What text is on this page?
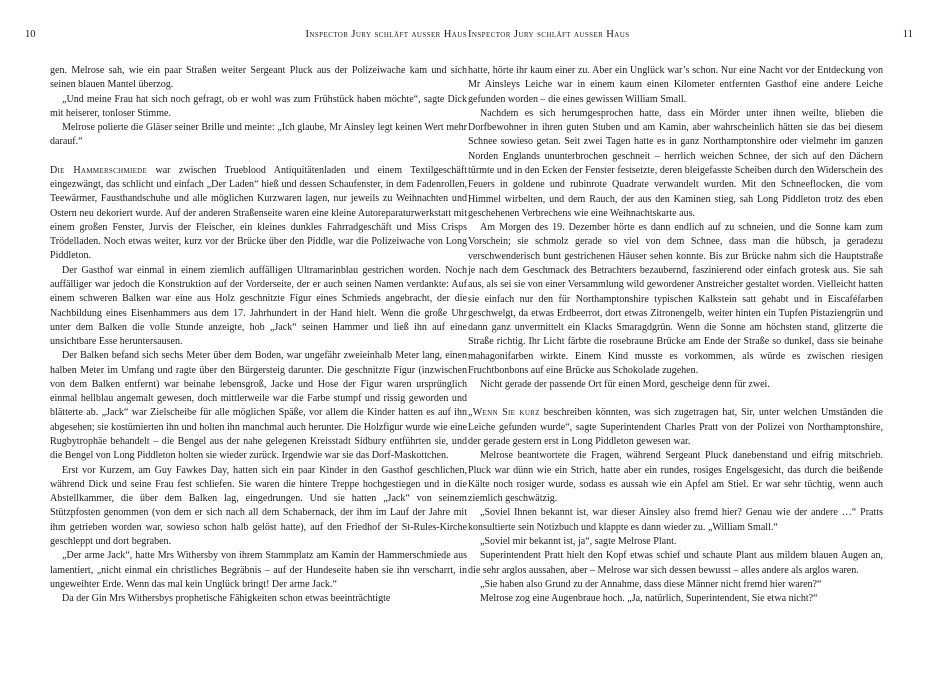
10	Inspector Jury schläft ausser Haus

gen. Melrose sah, wie ein paar Straßen weiter Sergeant Pluck aus der Polizeiwache kam und sich seinen blauen Mantel überzog.

„Und meine Frau hat sich noch gefragt, ob er wohl was zum Frühstück haben möchte“, sagte Dick mit heiserer, tonloser Stimme.

Melrose polierte die Gläser seiner Brille und meinte: „Ich glaube, Mr Ainsley legt keinen Wert mehr darauf.“

Die Hammerschmiede war zwischen Trueblood Antiquitätenladen und einem Textilgeschäft eingezwängt, das schlicht und einfach „Der Laden“ hieß und dessen Schaufenster, in dem Fadenrollen, Teewärmer, Fausthandschuhe und alle möglichen Kurzwaren lagen, nur jeweils zu Weihnachten und Ostern neu dekoriert wurde. Auf der anderen Straßenseite waren eine kleine Autoreparaturwerkstatt mit einem großen Fenster, Jurvis der Fleischer, ein kleines dunkles Fahrradgeschäft und Miss Crisps Trödelladen. Noch etwas weiter, kurz vor der Brücke über den Piddle, war die Polizeiwache von Long Piddleton.

Der Gasthof war einmal in einem ziemlich auffälligen Ultramarinblau gestrichen worden. Noch auffälliger war jedoch die Konstruktion auf der Vorderseite, der er auch seinen Namen verdankte: Auf einem schweren Balken war eine aus Holz geschnitzte Figur eines Schmieds angebracht, der die Nachbildung eines Eisenhammers aus dem 17. Jahrhundert in der Hand hielt. Wenn die große Uhr unter dem Balken die volle Stunde anzeigte, hob „Jack“ seinen Hammer und ließ ihn auf eine unsichtbare Esse heruntersausen.

Der Balken befand sich sechs Meter über dem Boden, war ungefähr zweieinhalb Meter lang, einen halben Meter im Umfang und ragte über den Bürgersteig darunter. Die geschnitzte Figur (inzwischen von dem Balken entfernt) war beinahe lebensgroß, Jacke und Hose der Figur waren ursprünglich einmal hellblau angemalt gewesen, doch mittlerweile war die Farbe stumpf und rissig geworden und blätterte ab. „Jack“ war Zielscheibe für alle möglichen Späße, vor allem die Kinder hatten es auf ihn abgesehen; sie kostümierten ihn und holten ihn manchmal auch herunter. Die Holzfigur wurde wie eine Rugbytrophäe behandelt – die Bengel aus der nahe gelegenen Kreisstadt Sidbury entführten sie, und die Bengel von Long Piddleton holten sie wieder zurück. Irgendwie war sie das Dorf-Maskottchen.

Erst vor Kurzem, am Guy Fawkes Day, hatten sich ein paar Kinder in den Gasthof geschlichen, während Dick und seine Frau fest schliefen. Sie waren die hintere Treppe hochgestiegen und in die Abstellkammer, die über dem Balken lag, eingedrungen. Und sie hatten „Jack“ von seinem Stützpfosten genommen (von dem er sich nach all dem Schabernack, der ihm im Lauf der Jahre mit ihm getrieben worden war, sowieso schon halb gelöst hatte), auf den Friedhof der St-Rules-Kirche geschleppt und dort begraben.

„Der arme Jack“, hatte Mrs Withersby von ihrem Stammplatz am Kamin der Hammerschmiede aus lamentiert, „nicht einmal ein christliches Begräbnis – auf der Hundeseite haben sie ihn verscharrt, in ungeweihter Erde. Wenn das mal kein Unglück bringt! Der arme Jack.“

Da der Gin Mrs Withersbys prophetische Fähigkeiten schon etwas beeinträchtigte

Inspector Jury schläft ausser Haus	11

hatte, hörte ihr kaum einer zu. Aber ein Unglück war’s schon. Nur eine Nacht vor der Entdeckung von Mr Ainsleys Leiche war in einem kaum einen Kilometer entfernten Gasthof eine andere Leiche gefunden worden – die eines gewissen William Small.

Nachdem es sich herumgesprochen hatte, dass ein Mörder unter ihnen weilte, blieben die Dorfbewohner in ihren guten Stuben und am Kamin, aber wahrscheinlich hätten sie das bei diesem Schnee sowieso getan. Seit zwei Tagen hatte es in ganz Northamptonshire oder vielmehr im ganzen Norden Englands ununterbrochen geschneit – herrlich weichen Schnee, der sich auf den Dächern türmte und in den Ecken der Fenster festsetzte, deren bleigefasste Scheiben durch den Widerschein des Feuers in goldene und rubinrote Quadrate verwandelt wurden. Mit den Schneeflocken, die vom Himmel wirbelten, und dem Rauch, der aus den Kaminen stieg, sah Long Piddleton trotz des eben geschehenen Verbrechens wie eine Weihnachtskarte aus.

Am Morgen des 19. Dezember hörte es dann endlich auf zu schneien, und die Sonne kam zum Vorschein; sie schmolz gerade so viel von dem Schnee, dass man die hübsch, ja geradezu verschwenderisch bunt gestrichenen Häuser sehen konnte. Bis zur Brücke nahm sich die Hauptstraße je nach dem Geschmack des Betrachters bezaubernd, faszinierend oder einfach grotesk aus. Sie sah aus, als sei sie von einer Versammlung wild gewordener Anstreicher gestaltet worden. Vielleicht hatten sie einfach nur den für Northamptonshire typischen Kalkstein satt gehabt und in Eiscaféfarben geschwelgt, da etwas Erdbeerrot, dort etwas Zitronengelb, weiter hinten ein Tupfen Pistaziengrün und dann ganz unvermittelt ein Klacks Smaragdgrün. Wenn die Sonne am höchsten stand, glitzerte die Straße richtig. Ihr Licht färbte die rosebraune Brücke am Ende der Straße so dunkel, dass sie beinahe mahagonifarben wirkte. Einem Kind musste es vorkommen, als würde es zwischen riesigen Fruchtbonbons auf eine Brücke aus Schokolade zugehen.

Nicht gerade der passende Ort für einen Mord, gescheige denn für zwei.

„Wenn Sie kurz beschreiben könnten, was sich zugetragen hat, Sir, unter welchen Umständen die Leiche gefunden wurde“, sagte Superintendent Charles Pratt von der Polizei von Northamptonshire, der gerade gestern erst in Long Piddleton gewesen war.

Melrose beantwortete die Fragen, während Sergeant Pluck danebenstand und eifrig mitschrieb. Pluck war dünn wie ein Strich, hatte aber ein rundes, rosiges Engelsgesicht, das durch die beißende Kälte noch rosiger wurde, sodass es aussah wie ein Apfel am Stiel. Er war sehr tüchtig, wenn auch ziemlich geschwätzig.

„Soviel Ihnen bekannt ist, war dieser Ainsley also fremd hier? Genau wie der andere …“ Pratts konsultierte sein Notizbuch und klappte es dann wieder zu. „William Small.“

„Soviel mir bekannt ist, ja“, sagte Melrose Plant.

Superintendent Pratt hielt den Kopf etwas schief und schaute Plant aus mildem blauen Augen an, die sehr arglos aussahen, aber – Melrose war sich dessen bewusst – alles andere als arglos waren.

„Sie haben also Grund zu der Annahme, dass diese Männer nicht fremd hier waren?“

Melrose zog eine Augenbraue hoch. „Ja, natürlich, Superintendent, Sie etwa nicht?“
